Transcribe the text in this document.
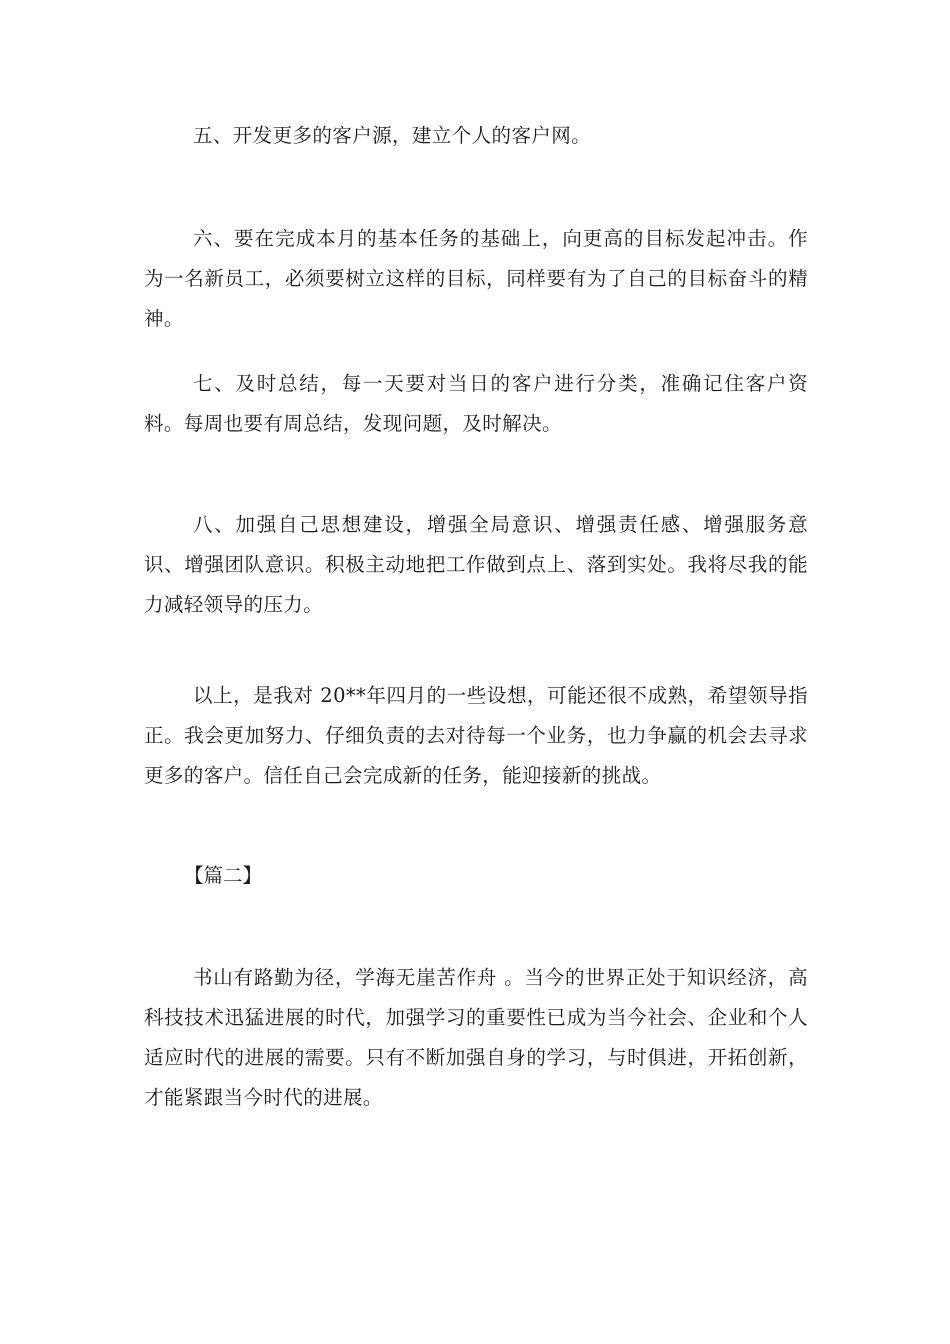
五、开发更多的客户源，建立个人的客户网。

六、要在完成本月的基本任务的基础上，向更高的目标发起冲击。作为一名新员工，必须要树立这样的目标，同样要有为了自己的目标奋斗的精神。

七、及时总结，每一天要对当日的客户进行分类，准确记住客户资料。每周也要有周总结，发现问题，及时解决。

八、加强自己思想建设，增强全局意识、增强责任感、增强服务意识、增强团队意识。积极主动地把工作做到点上、落到实处。我将尽我的能力减轻领导的压力。

以上，是我对 20**年四月的一些设想，可能还很不成熟，希望领导指正。我会更加努力、仔细负责的去对待每一个业务，也力争赢的机会去寻求更多的客户。信任自己会完成新的任务，能迎接新的挑战。

【篇二】

书山有路勤为径，学海无崖苦作舟 。当今的世界正处于知识经济，高科技技术迅猛进展的时代，加强学习的重要性已成为当今社会、企业和个人适应时代的进展的需要。只有不断加强自身的学习，与时俱进，开拓创新，才能紧跟当今时代的进展。
